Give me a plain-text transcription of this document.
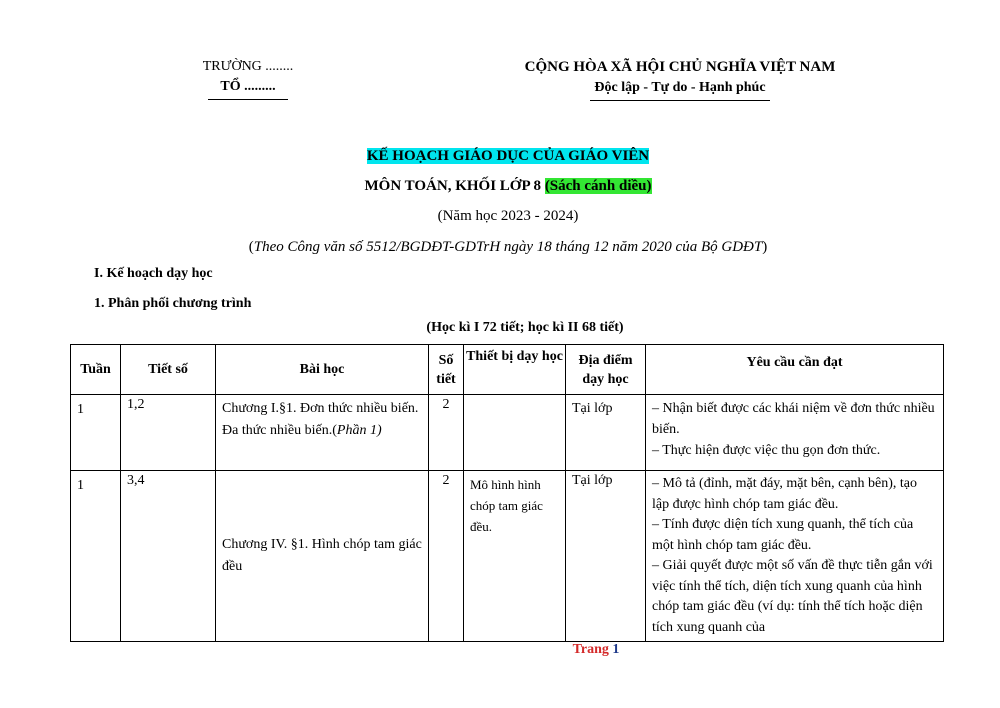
TRƯỜNG ........
TỔ .........
CỘNG HÒA XÃ HỘI CHỦ NGHĨA VIỆT NAM
Độc lập - Tự do - Hạnh phúc
KẾ HOẠCH GIÁO DỤC CỦA GIÁO VIÊN
MÔN TOÁN, KHỐI LỚP 8 (Sách cánh diều)
(Năm học 2023 - 2024)
(Theo Công văn số 5512/BGDĐT-GDTrH ngày 18 tháng 12 năm 2020 của Bộ GDĐT)
I. Kế hoạch dạy học
1. Phân phối chương trình
(Học kì I 72 tiết; học kì II 68 tiết)
Tuần	Tiết số	Bài học	Số tiết	Thiết bị dạy học	Địa điểm dạy học	Yêu cầu cần đạt

1	1,2	Chương I.§1. Đơn thức nhiều biến. Đa thức nhiều biến.(Phần 1)	2		Tại lớp	– Nhận biết được các khái niệm về đơn thức nhiều biến.
– Thực hiện được việc thu gọn đơn thức.

1	3,4	Chương IV. §1. Hình chóp tam giác đều	2	Mô hình hình chóp tam giác đều.	Tại lớp	– Mô tả (đỉnh, mặt đáy, mặt bên, cạnh bên), tạo lập được hình chóp tam giác đều.
– Tính được diện tích xung quanh, thể tích của một hình chóp tam giác đều.
– Giải quyết được một số vấn đề thực tiễn gắn với việc tính thể tích, diện tích xung quanh của hình chóp tam giác đều (ví dụ: tính thể tích hoặc diện tích xung quanh của
Trang 1
